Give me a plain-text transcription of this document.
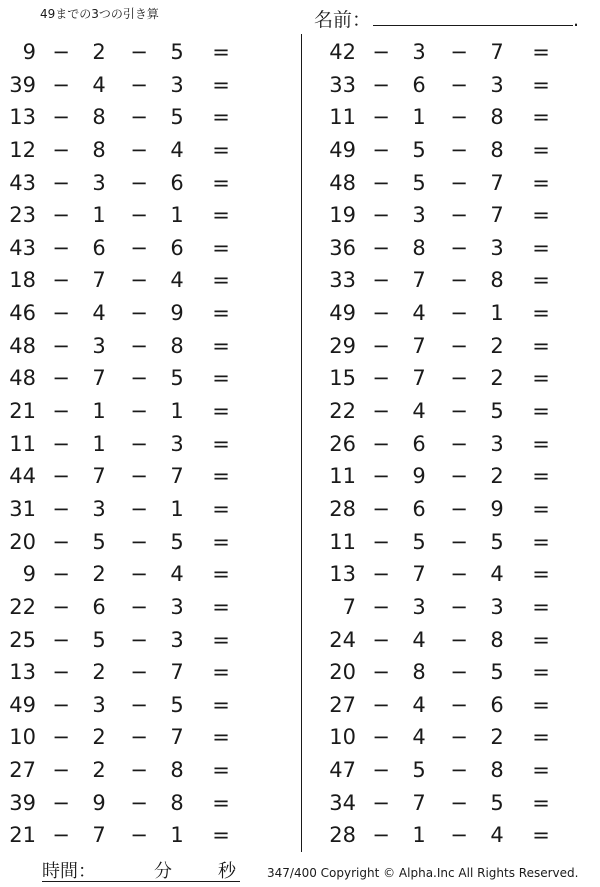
49までの3つの引き算	名前：	.
9 − 2 − 5 =
39 − 4 − 3 =
13 − 8 − 5 =
12 − 8 − 4 =
43 − 3 − 6 =
23 − 1 − 1 =
43 − 6 − 6 =
18 − 7 − 4 =
46 − 4 − 9 =
48 − 3 − 8 =
48 − 7 − 5 =
21 − 1 − 1 =
11 − 1 − 3 =
44 − 7 − 7 =
31 − 3 − 1 =
20 − 5 − 5 =
9 − 2 − 4 =
22 − 6 − 3 =
25 − 5 − 3 =
13 − 2 − 7 =
49 − 3 − 5 =
10 − 2 − 7 =
27 − 2 − 8 =
39 − 9 − 8 =
21 − 7 − 1 =
42 − 3 − 7 =
33 − 6 − 3 =
11 − 1 − 8 =
49 − 5 − 8 =
48 − 5 − 7 =
19 − 3 − 7 =
36 − 8 − 3 =
33 − 7 − 8 =
49 − 4 − 1 =
29 − 7 − 2 =
15 − 7 − 2 =
22 − 4 − 5 =
26 − 6 − 3 =
11 − 9 − 2 =
28 − 6 − 9 =
11 − 5 − 5 =
13 − 7 − 4 =
7 − 3 − 3 =
24 − 4 − 8 =
20 − 8 − 5 =
27 − 4 − 6 =
10 − 4 − 2 =
47 − 5 − 8 =
34 − 7 − 5 =
28 − 1 − 4 =
時間：	分	秒	347/400 Copyright © Alpha.Inc All Rights Reserved.
